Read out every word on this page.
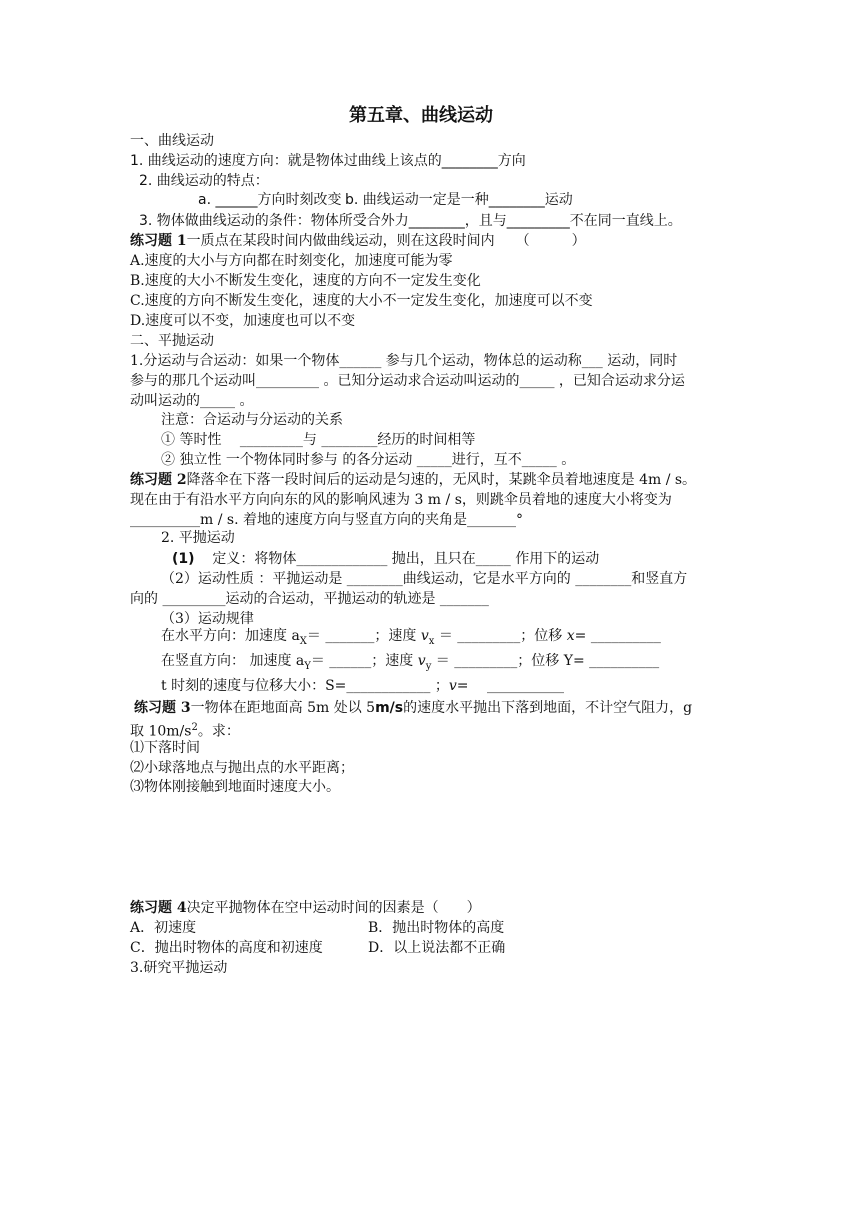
第五章、曲线运动
一、曲线运动
1. 曲线运动的速度方向：就是物体过曲线上该点的________方向
2. 曲线运动的特点：
a. ______方向时刻改变 b. 曲线运动一定是一种________运动
3. 物体做曲线运动的条件：物体所受合外力________，且与_________不在同一直线上。
练习题 1一质点在某段时间内做曲线运动，则在这段时间内　　（　　　）
A.速度的大小与方向都在时刻变化，加速度可能为零
B.速度的大小不断发生变化，速度的方向不一定发生变化
C.速度的方向不断发生变化，速度的大小不一定发生变化，加速度可以不变
D.速度可以不变，加速度也可以不变
二、平抛运动
1.分运动与合运动：如果一个物体______ 参与几个运动，物体总的运动称___ 运动，同时
参与的那几个运动叫_________ 。已知分运动求合运动叫运动的_____ ，已知合运动求分运
动叫运动的_____ 。
注意：合运动与分运动的关系
① 等时性　 _________与 ________经历的时间相等
② 独立性 一个物体同时参与 的各分运动 _____进行，互不_____ 。
练习题 2降落伞在下落一段时间后的运动是匀速的，无风时，某跳伞员着地速度是 4m / s。
现在由于有沿水平方向向东的风的影响风速为 3 m / s，则跳伞员着地的速度大小将变为
__________m / s. 着地的速度方向与竖直方向的夹角是_______°
2. 平抛运动
(1) 定义：将物体_____________ 抛出，且只在_____ 作用下的运动
（2）运动性质 ：平抛运动是 ________曲线运动，它是水平方向的 ________和竖直方
向的 _________运动的合运动，平抛运动的轨迹是 _______
（3）运动规律
在水平方向：加速度 $a_X=$ _______；速度 $v_x$ ＝ _________；位移 x= __________
在竖直方向： 加速度 $a_Y=$ ______；速度 $v_y$ ＝ _________；位移 Y= __________
t 时刻的速度与位移大小：S=____________ ；v=　 ___________
练习题 3一物体在距地面高 5m 处以 5m/s的速度水平抛出下落到地面，不计空气阻力，g
取 $10m/s^2$。求：
⑴下落时间
⑵小球落地点与抛出点的水平距离；
⑶物体刚接触到地面时速度大小。
练习题 4决定平抛物体在空中运动时间的因素是（　　）
A．初速度	B．抛出时物体的高度
C．抛出时物体的高度和初速度	D．以上说法都不正确
3.研究平抛运动
